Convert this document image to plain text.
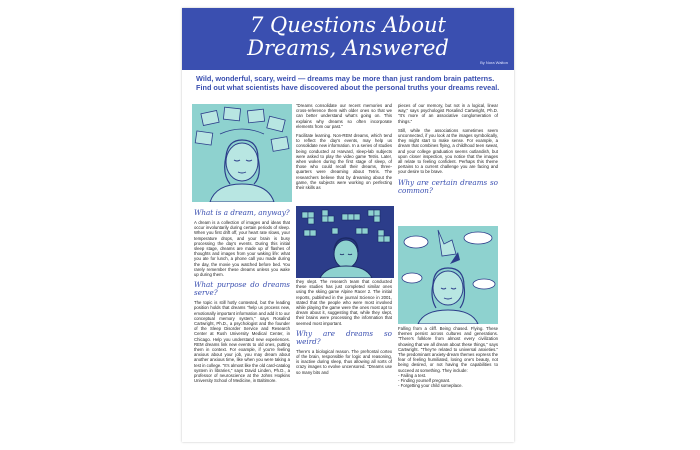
7 Questions About
Dreams, Answered
By Nora Walton
Wild, wonderful, scary, weird — dreams may be more than just random brain patterns. Find out what scientists have discovered about the personal truths your dreams reveal.
What is a dream, anyway?

A dream is a collection of images and ideas that occur involuntarily during certain periods of sleep. When you first drift off, your heart rate slows, your temperature drops, and your brain is busy processing the day's events. During this initial sleep stage, dreams are made up of flashes of thoughts and images from your waking life: what you ate for lunch, a phone call you made during the day, the movie you watched before bed. You rarely remember these dreams unless you wake up during them.

What purpose do dreams serve?

The topic is still hotly contested, but the leading position holds that dreams "help us process new, emotionally important information and add it to our conceptual memory system," says Rosalind Cartwright, Ph.D., a psychologist and the founder of the Sleep Disorder Service and Research Center at Rush University Medical Center, in Chicago. Help you understand new experiences. REM dreams link new events to old ones, putting them in context. For example, if you're feeling anxious about your job, you may dream about another anxious time, like when you were taking a test in college. "It's almost like the old card-catalog system in libraries," says David Linden, Ph.D., a professor of neuroscience at the Johns Hopkins University School of Medicine, in Baltimore.

"Dreams consolidate our recent memories and cross-reference them with older ones so that we can better understand what's going on. This explains why dreams so often incorporate elements from our past."

Facilitate learning. Non-REM dreams, which tend to reflect the day's events, may help us consolidate new information. In a series of studies being conducted at Harvard, sleep-lab subjects were asked to play the video game Tetris. Later, when woken during the first stage of sleep, of those who could recall their dreams, three-quarters were dreaming about Tetris. The researchers believe that by dreaming about the game, the subjects were working on perfecting their skills as

they slept. The research team that conducted these studies has just completed similar ones using the skiing game Alpine Racer 2. The initial reports, published in the journal Science in 2001, stated that the people who were most involved while playing the game were the ones most apt to dream about it, suggesting that, while they slept, their brains were processing the information that seemed most important.

Why are dreams so weird?

There's a biological reason. The prefrontal cortex of the brain, responsible for logic and reasoning, is inactive during sleep, thus allowing all sorts of crazy images to evolve uncensored. "Dreams use so many bits and

pieces of our memory, but not in a logical, linear way," says psychologist Rosalind Cartwright, Ph.D. "It's more of an associative conglomeration of things."

Still, while the associations sometimes seem unconnected, if you look at the images symbolically, they might start to make sense. For example, a dream that combines flying, a childhood teen sweat, and your college graduation seems outlandish, but upon closer inspection, you notice that the images all relate to feeling confident. Perhaps this theme pertains to a current challenge you are facing and your desire to be brave.

Why are certain dreams so common?

Falling from a cliff. Being chased. Flying. These themes persist across cultures and generations. "There's folklore from almost every civilization showing that we all dream about these things," says Cartwright. "They're related to universal anxieties." The predominant anxiety-dream themes express the fear of feeling humiliated, losing one's beauty, not being desired, or not having the capabilities to succeed at something. They include:

- Failing a test.
- Finding yourself pregnant.
- Forgetting your child someplace.
